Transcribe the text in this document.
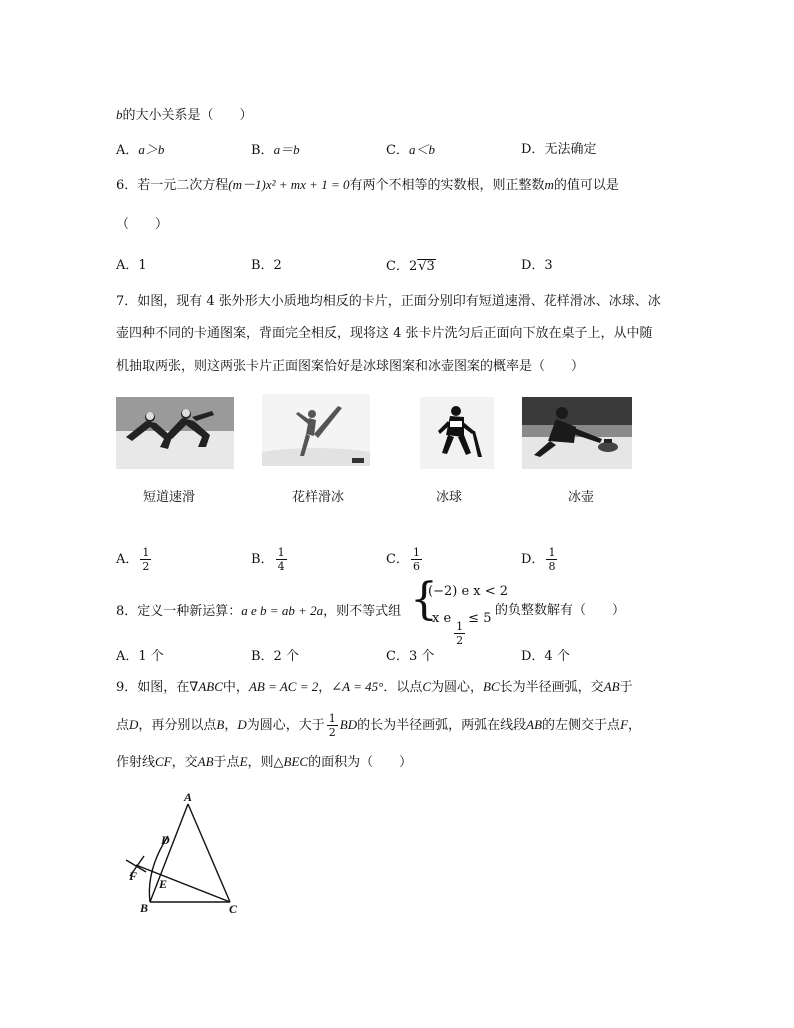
b的大小关系是（　　）
A．a＞b	B．a＝b	C．a＜b	D．无法确定
6．若一元二次方程(m－1)x² + mx + 1 = 0有两个不相等的实数根，则正整数m的值可以是
（　　）
A．1	B．2	C．2√3	D．3
7．如图，现有 4 张外形大小质地均相反的卡片，正面分别印有短道速滑、花样滑冰、冰球、冰
壶四种不同的卡通图案，背面完全相反，现将这 4 张卡片洗匀后正面向下放在桌子上，从中随
机抽取两张，则这两张卡片正面图案恰好是冰球图案和冰壶图案的概率是（　　）
短道速滑	花样滑冰	冰球	冰壶
A． $\frac{1}{2}$	B． $\frac{1}{4}$	C． $\frac{1}{6}$	D． $\frac{1}{8}$
8．定义一种新运算：a e b = ab + 2a，则不等式组 {
(−2) e x < 2
x e
$\frac{1}{2}$
≤ 5
的负整数解有（　　）
A．1 个	B．2 个	C．3 个	D．4 个
9．如图，在∇ABC中，AB = AC = 2，∠A = 45°．以点C为圆心，BC长为半径画弧，交AB于
点D，再分别以点B，D为圆心，大于 $\frac{1}{2}$ BD的长为半径画弧，两弧在线段AB的左侧交于点F，
作射线CF，交AB于点E，则△BEC的面积为（　　）
A
B	C
D
E
F
